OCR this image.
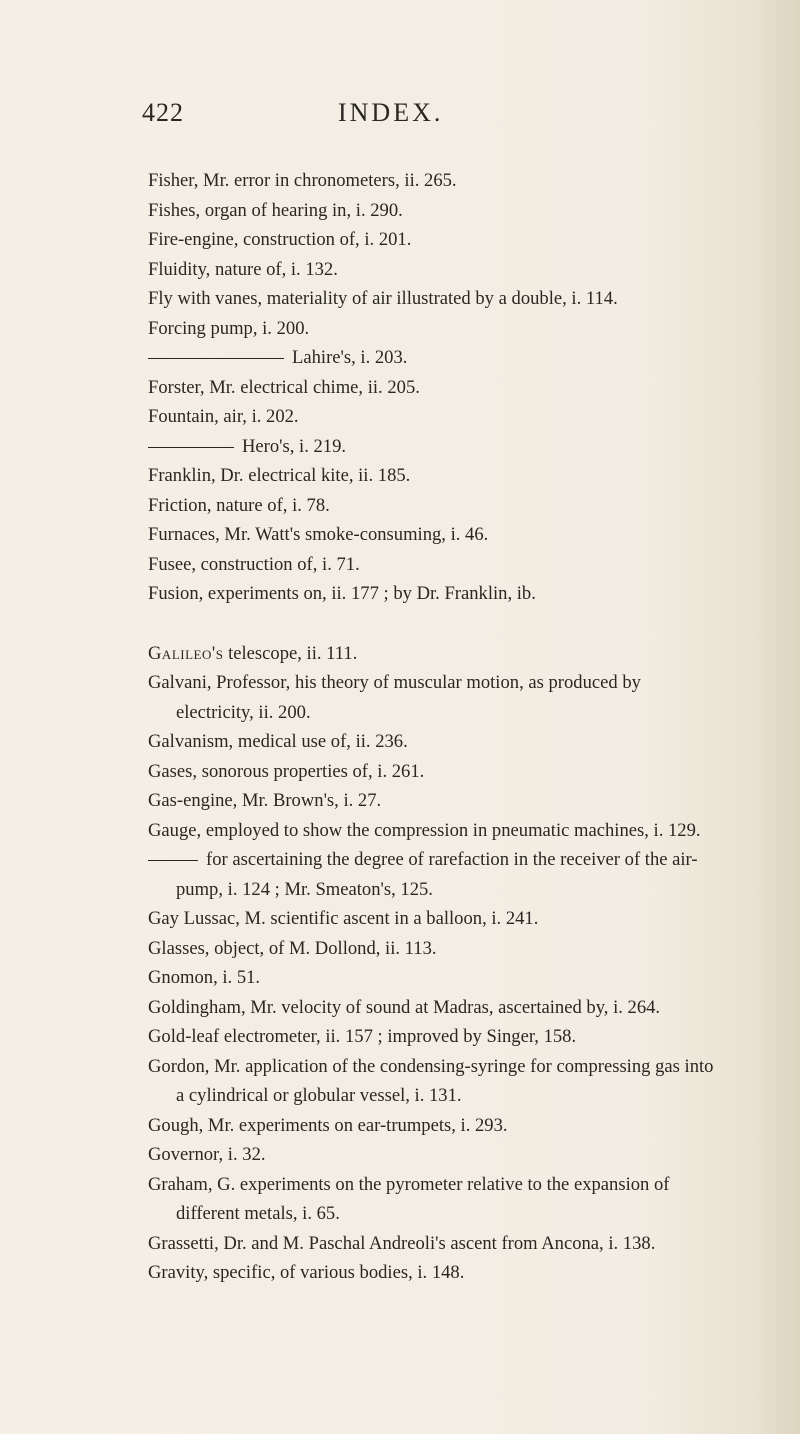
422	INDEX.
Fisher, Mr. error in chronometers, ii. 265.
Fishes, organ of hearing in, i. 290.
Fire-engine, construction of, i. 201.
Fluidity, nature of, i. 132.
Fly with vanes, materiality of air illustrated by a double, i. 114.
Forcing pump, i. 200.
Lahire's, i. 203.
Forster, Mr. electrical chime, ii. 205.
Fountain, air, i. 202.
Hero's, i. 219.
Franklin, Dr. electrical kite, ii. 185.
Friction, nature of, i. 78.
Furnaces, Mr. Watt's smoke-consuming, i. 46.
Fusee, construction of, i. 71.
Fusion, experiments on, ii. 177 ; by Dr. Franklin, ib.
Galileo's telescope, ii. 111.
Galvani, Professor, his theory of muscular motion, as produced by electricity, ii. 200.
Galvanism, medical use of, ii. 236.
Gases, sonorous properties of, i. 261.
Gas-engine, Mr. Brown's, i. 27.
Gauge, employed to show the compression in pneumatic machines, i. 129.
for ascertaining the degree of rarefaction in the receiver of the air-pump, i. 124 ; Mr. Smeaton's, 125.
Gay Lussac, M. scientific ascent in a balloon, i. 241.
Glasses, object, of M. Dollond, ii. 113.
Gnomon, i. 51.
Goldingham, Mr. velocity of sound at Madras, ascertained by, i. 264.
Gold-leaf electrometer, ii. 157 ; improved by Singer, 158.
Gordon, Mr. application of the condensing-syringe for compressing gas into a cylindrical or globular vessel, i. 131.
Gough, Mr. experiments on ear-trumpets, i. 293.
Governor, i. 32.
Graham, G. experiments on the pyrometer relative to the expansion of different metals, i. 65.
Grassetti, Dr. and M. Paschal Andreoli's ascent from Ancona, i. 138.
Gravity, specific, of various bodies, i. 148.
